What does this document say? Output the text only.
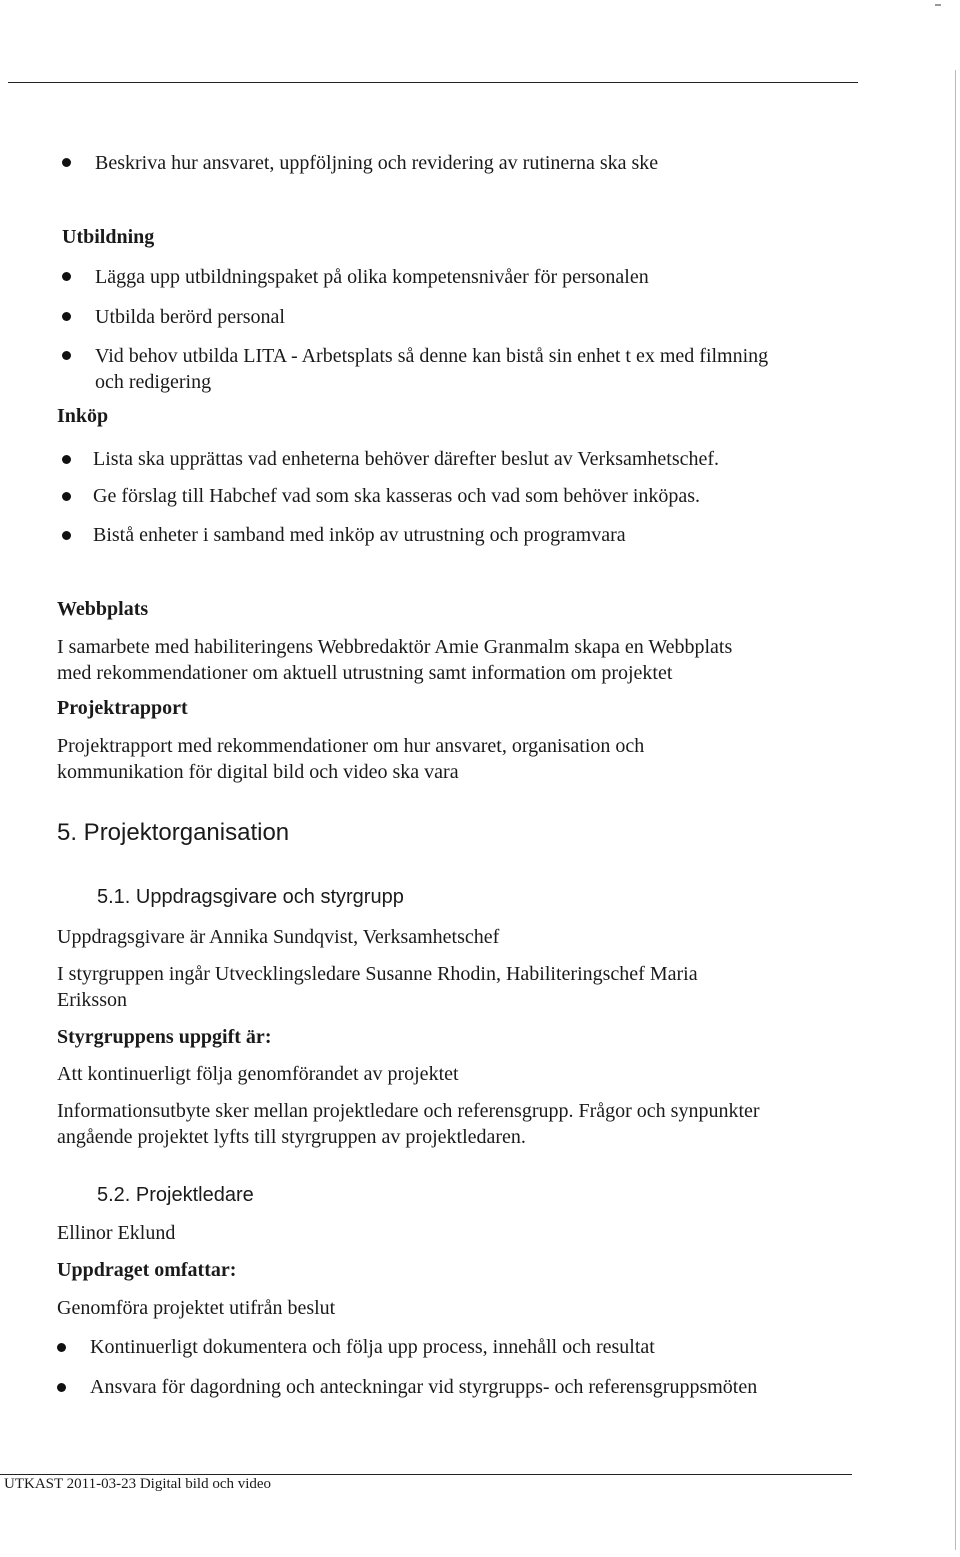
Beskriva hur ansvaret, uppföljning och revidering av rutinerna ska ske
Utbildning
Lägga upp utbildningspaket på olika kompetensnivåer för personalen
Utbilda berörd personal
Vid behov utbilda LITA - Arbetsplats så denne kan bistå sin enhet t ex med filmning
och redigering
Inköp
Lista ska upprättas vad enheterna behöver därefter beslut av Verksamhetschef.
Ge förslag till Habchef vad som ska kasseras och vad som behöver inköpas.
Bistå enheter i samband med inköp av utrustning och programvara
Webbplats
I samarbete med habiliteringens Webbredaktör Amie Granmalm skapa en Webbplats
med rekommendationer om aktuell utrustning samt information om projektet
Projektrapport
Projektrapport med rekommendationer om hur ansvaret, organisation och
kommunikation för digital bild och video ska vara
5. Projektorganisation
5.1. Uppdragsgivare och styrgrupp
Uppdragsgivare är Annika Sundqvist, Verksamhetschef
I styrgruppen ingår Utvecklingsledare Susanne Rhodin, Habiliteringschef Maria
Eriksson
Styrgruppens uppgift är:
Att kontinuerligt följa genomförandet av projektet
Informationsutbyte sker mellan projektledare och referensgrupp. Frågor och synpunkter
angående projektet lyfts till styrgruppen av projektledaren.
5.2. Projektledare
Ellinor Eklund
Uppdraget omfattar:
Genomföra projektet utifrån beslut
Kontinuerligt dokumentera och följa upp process, innehåll och resultat
Ansvara för dagordning och anteckningar vid styrgrupps- och referensgruppsmöten
UTKAST 2011-03-23 Digital bild och video
